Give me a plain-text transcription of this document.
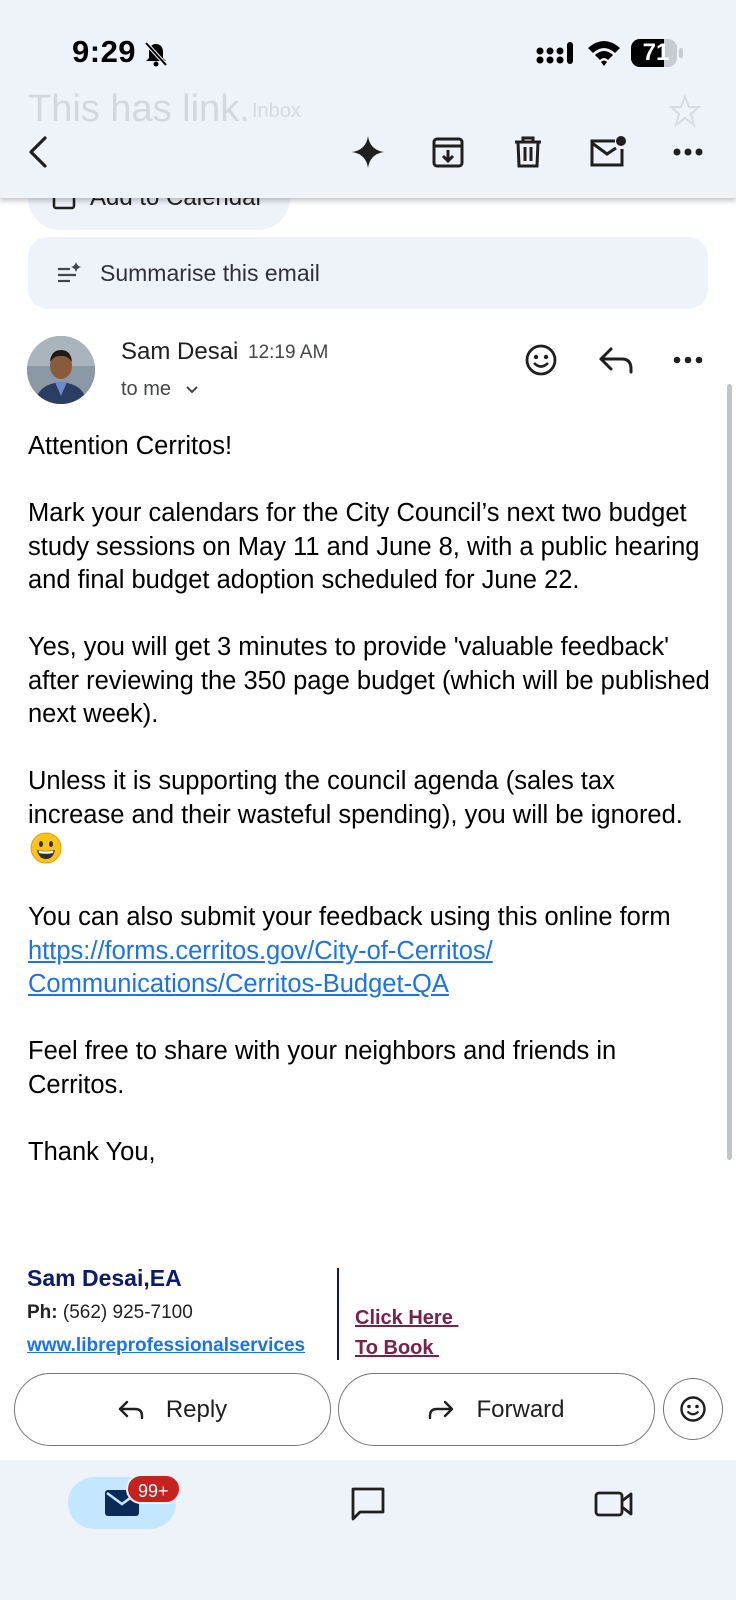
9:29	71
This has link. Inbox
Summarise this email
Sam Desai 12:19 AM
to me

Attention Cerritos!

Mark your calendars for the City Council’s next two budget study sessions on May 11 and June 8, with a public hearing and final budget adoption scheduled for June 22.

Yes, you will get 3 minutes to provide 'valuable feedback' after reviewing the 350 page budget (which will be published next week).

Unless it is supporting the council agenda (sales tax increase and their wasteful spending), you will be ignored.

You can also submit your feedback using this online form https://forms.cerritos.gov/City-of-Cerritos/
Communications/Cerritos-Budget-QA

Feel free to share with your neighbors and friends in Cerritos.

Thank You,

Sam Desai,EA
Ph: (562) 925-7100
www.libreprofessionalservices
Click Here
To Book
Reply	Forward
99+
